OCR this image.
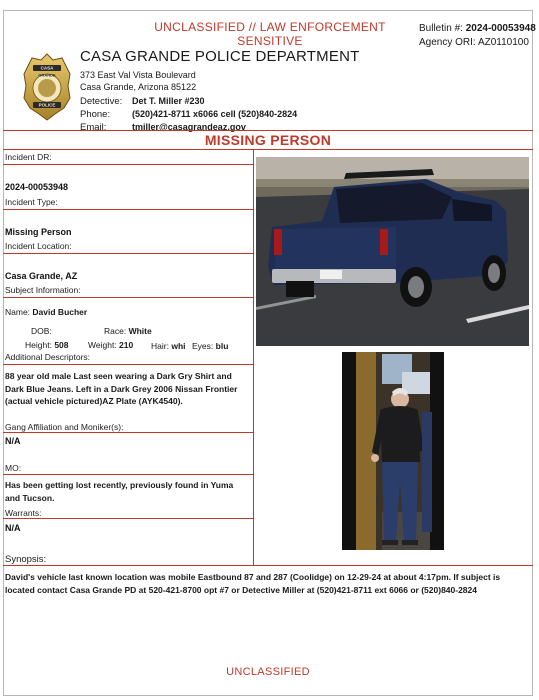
UNCLASSIFIED // LAW ENFORCEMENT SENSITIVE
Bulletin #: 2024-00053948
Agency ORI: AZ0110100
CASA
GRANDE
POLICE
CASA GRANDE POLICE DEPARTMENT
373 East Val Vista Boulevard
Casa Grande, Arizona 85122
Detective: Det T. Miller #230
Phone: (520)421-8711 x6066 cell (520)840-2824
Email:	tmiller@casagrandeaz.gov
MISSING PERSON
Incident DR:
2024-00053948
Incident Type:
Missing Person
Incident Location:
Casa Grande, AZ
Subject Information:
Name: David Bucher
DOB:	Race: White
Height: 508 Weight: 210 Hair: whi Eyes: blu
Additional Descriptors:
88 year old male Last seen wearing a Dark Gry Shirt and Dark Blue Jeans. Left in a Dark Grey 2006 Nissan Frontier (actual vehicle pictured)AZ Plate (AYK4540).
Gang Affiliation and Moniker(s):
N/A
MO:
Has been getting lost recently, previously found in Yuma and Tucson.
Warrants:
N/A
Synopsis:
David's vehicle last known location was mobile Eastbound 87 and 287 (Coolidge) on 12-29-24 at about 4:17pm. If subject is located contact Casa Grande PD at 520-421-8700 opt #7 or Detective Miller at (520)421-8711 ext 6066 or (520)840-2824
UNCLASSIFIED
